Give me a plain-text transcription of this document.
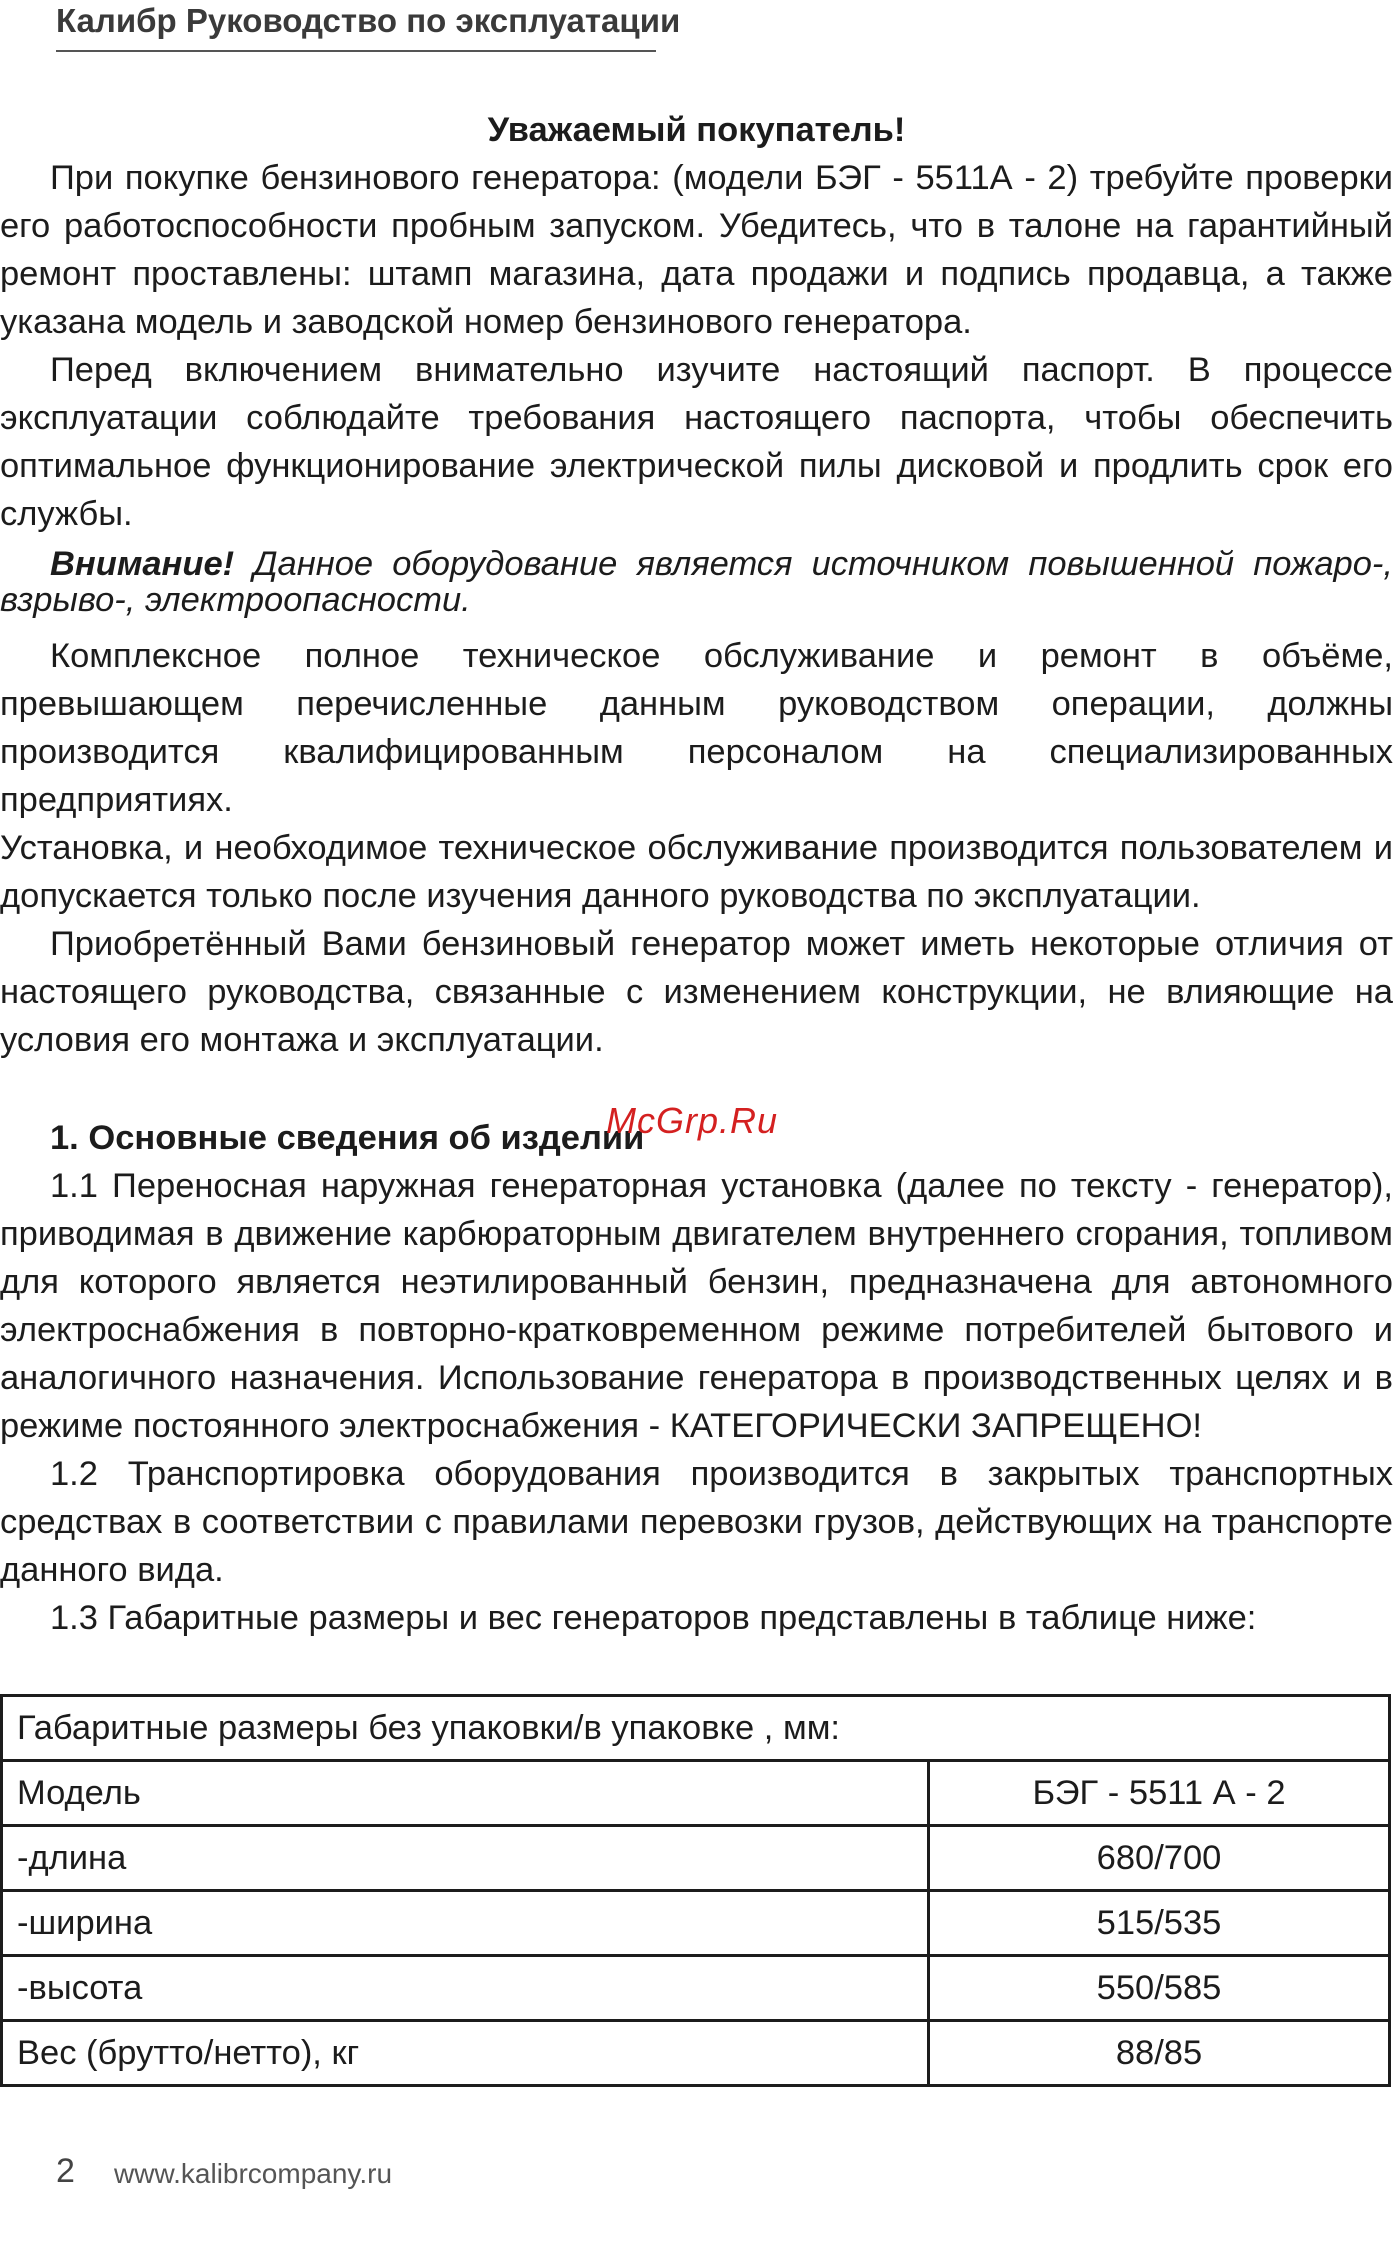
Калибр Руководство по эксплуатации

Уважаемый покупатель!

При покупке бензинового генератора: (модели БЭГ - 5511А - 2) требуйте проверки его работоспособности пробным запуском. Убедитесь, что в талоне на гарантийный ремонт проставлены: штамп магазина, дата продажи и подпись продавца, а также указана модель и заводской номер бензинового генератора.

Перед включением внимательно изучите настоящий паспорт. В процессе эксплуатации соблюдайте требования настоящего паспорта, чтобы обеспечить оптимальное функционирование электрической пилы дисковой и продлить срок его службы.

Внимание! Данное оборудование является источником повышенной пожаро-, взрыво-, электроопасности.

Комплексное полное техническое обслуживание и ремонт в объёме, превышающем перечисленные данным руководством операции, должны производится квалифицированным персоналом на специализированных предприятиях.

Установка, и необходимое техническое обслуживание производится пользователем и допускается только после изучения данного руководства по эксплуатации.

Приобретённый Вами бензиновый генератор может иметь некоторые отличия от настоящего руководства, связанные с изменением конструкции, не влияющие на условия его монтажа и эксплуатации.

1. Основные сведения об изделии

1.1 Переносная наружная генераторная установка (далее по тексту - генератор), приводимая в движение карбюраторным двигателем внутреннего сгорания, топливом для которого является неэтилированный бензин, предназначена для автономного электроснабжения в повторно-кратковременном режиме потребителей бытового и аналогичного назначения. Использование генератора в производственных целях и в режиме постоянного электроснабжения - КАТЕГОРИЧЕСКИ ЗАПРЕЩЕНО!

1.2 Транспортировка оборудования производится в закрытых транспортных средствах в соответствии с правилами перевозки грузов, действующих на транспорте данного вида.

1.3 Габаритные размеры и вес генераторов представлены в таблице ниже:

Габаритные размеры без упаковки/в упаковке , мм:	
Модель	БЭГ - 5511 А - 2
-длина	680/700
-ширина	515/535
-высота	550/585
Вес (брутто/нетто), кг	88/85
McGrp.Ru
2 www.kalibrcompany.ru
